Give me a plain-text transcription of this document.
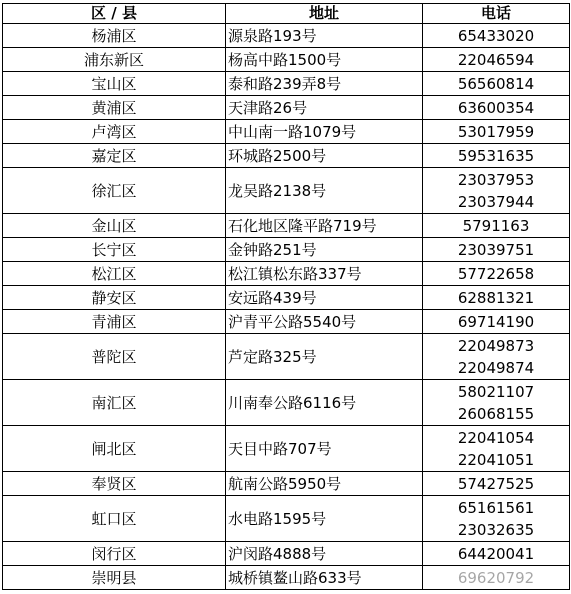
区 / 县	地址	电话
杨浦区	源泉路193号	65433020

浦东新区	杨高中路1500号	22046594

宝山区	泰和路239弄8号	56560814

黄浦区	天津路26号	63600354

卢湾区	中山南一路1079号	53017959

嘉定区	环城路2500号	59531635

徐汇区	龙吴路2138号	23037953
23037944

金山区	石化地区隆平路719号	5791163

长宁区	金钟路251号	23039751

松江区	松江镇松东路337号	57722658

静安区	安远路439号	62881321

青浦区	沪青平公路5540号	69714190

普陀区	芦定路325号	22049873
22049874

南汇区	川南奉公路6116号	58021107
26068155

闸北区	天目中路707号	22041054
22041051

奉贤区	航南公路5950号	57427525

虹口区	水电路1595号	65161561
23032635

闵行区	沪闵路4888号	64420041

崇明县	城桥镇鳌山路633号	69620792
